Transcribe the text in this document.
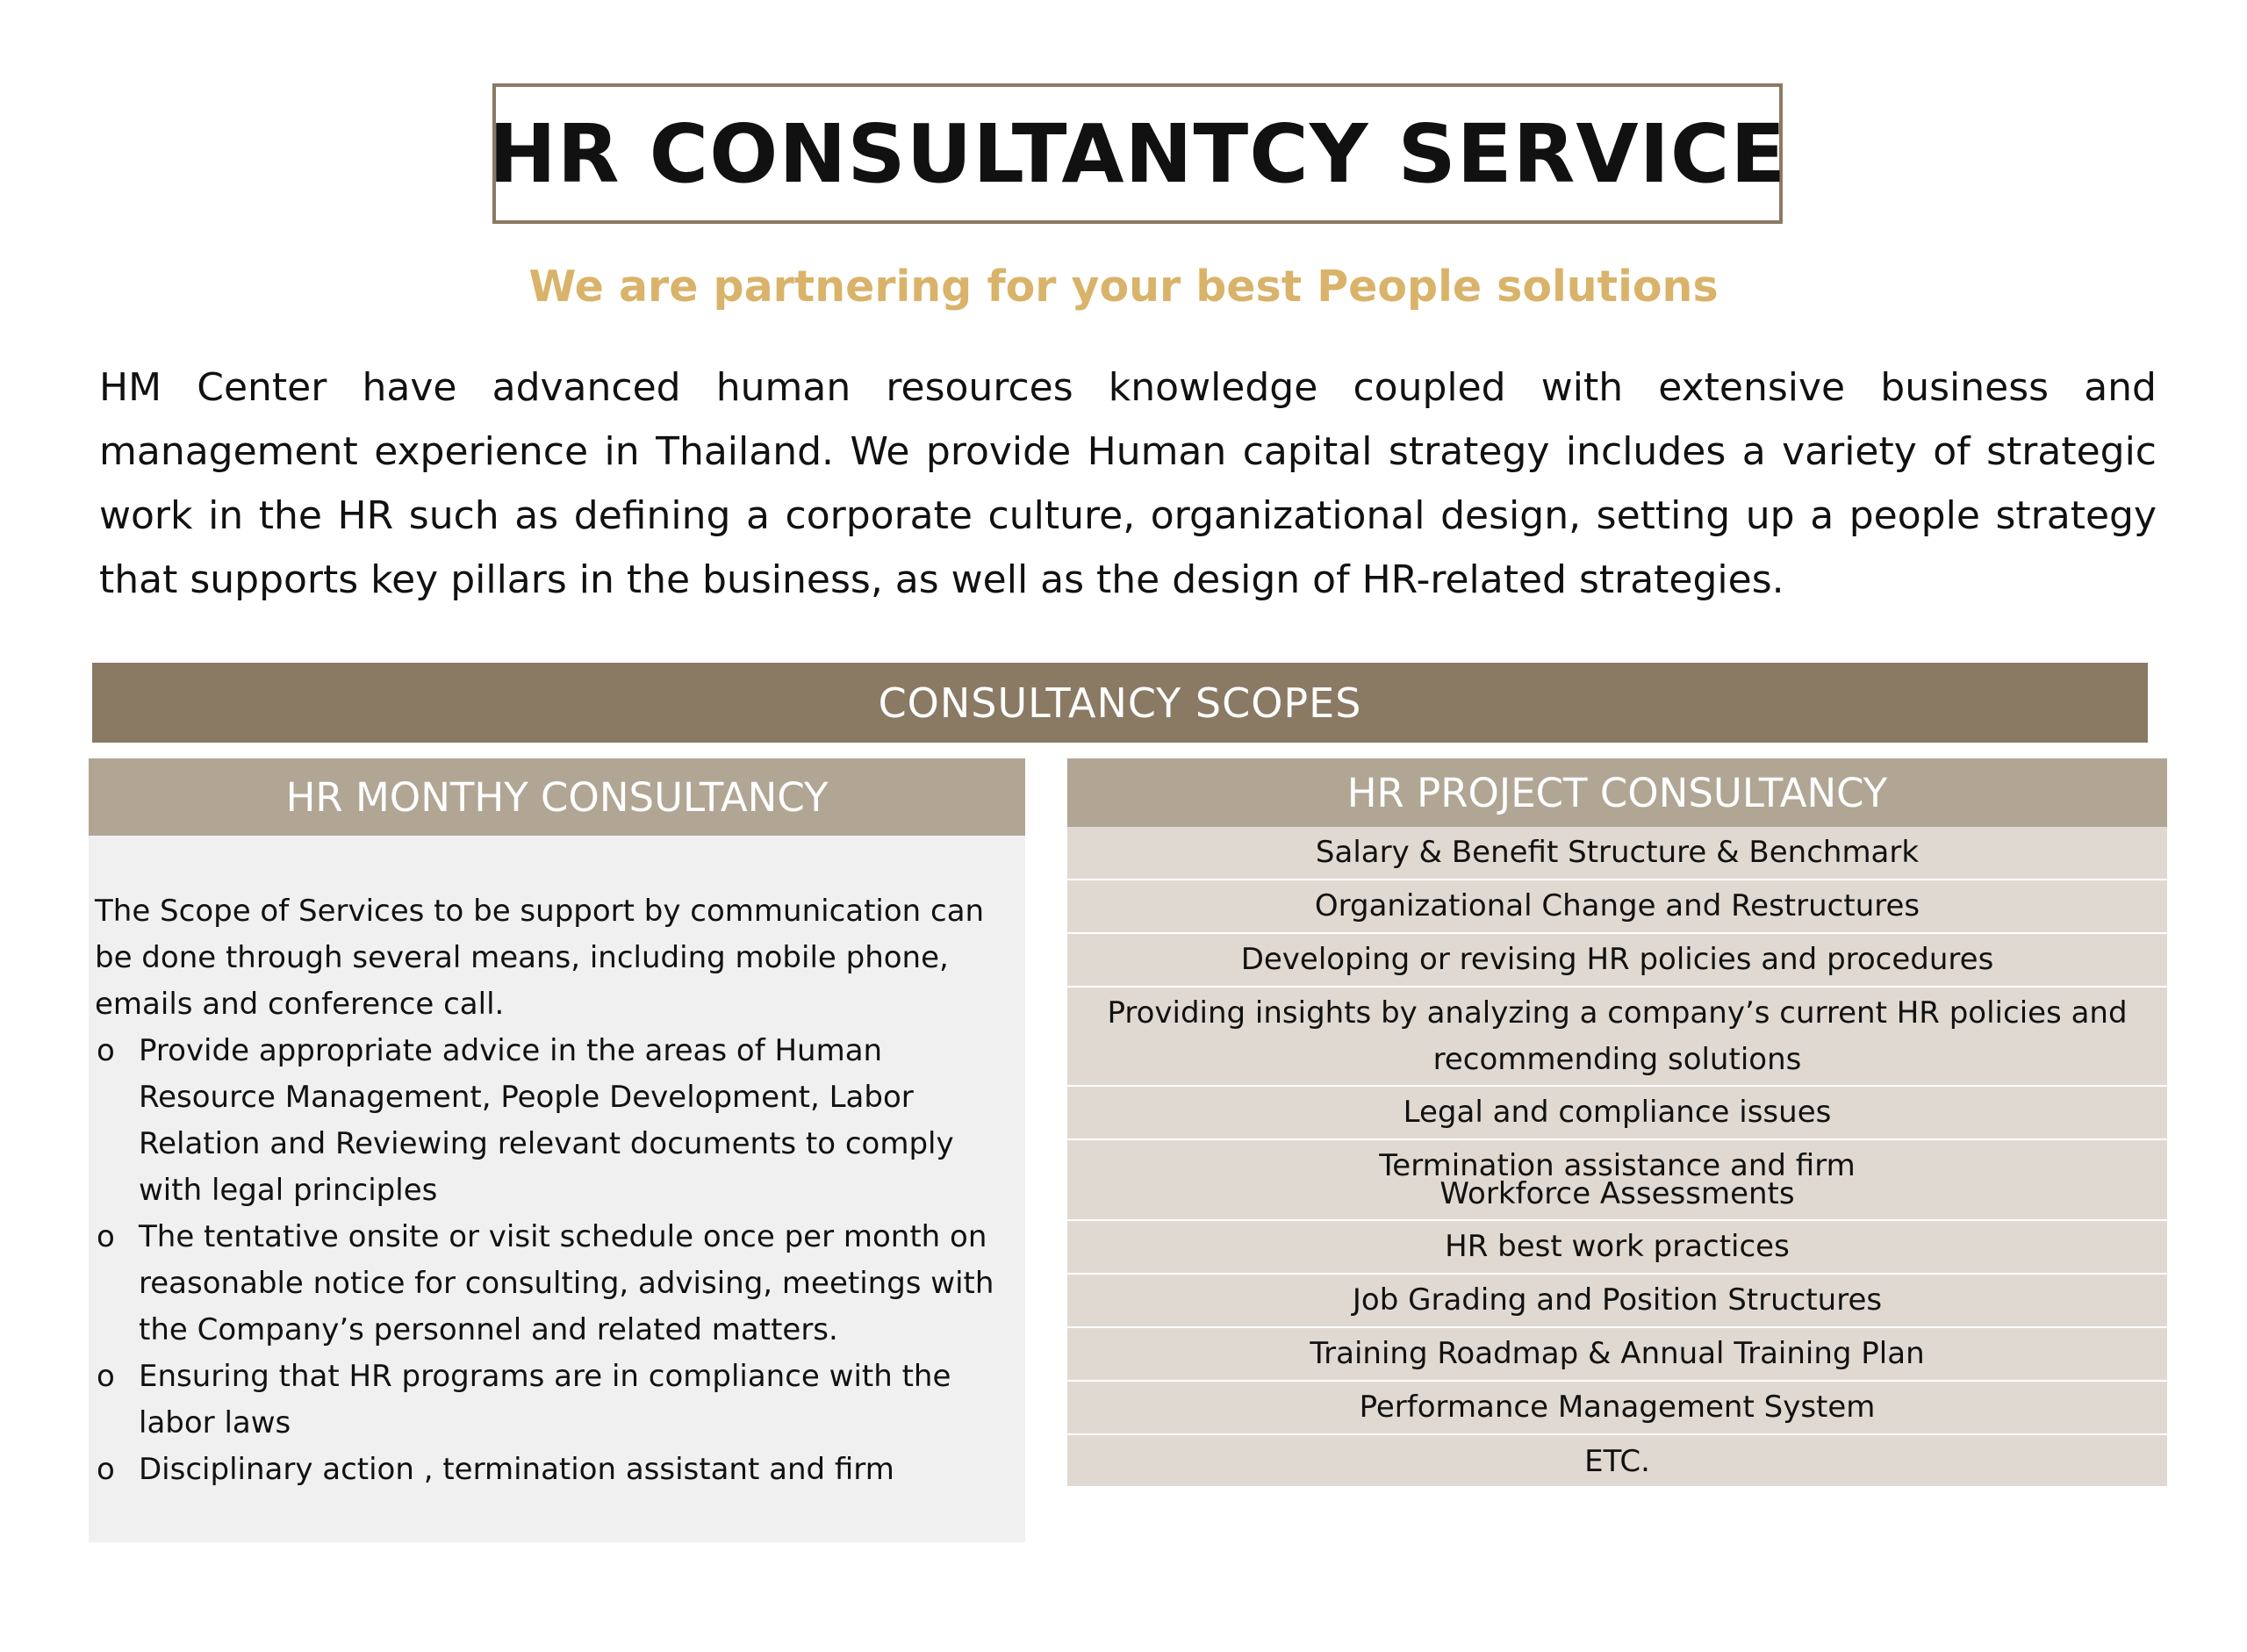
HR CONSULTANTCY SERVICE
We are partnering for your best People solutions

HM Center have advanced human resources knowledge coupled with extensive business and management experience in Thailand. We provide Human capital strategy includes a variety of strategic work in the HR such as defining a corporate culture, organizational design, setting up a people strategy that supports key pillars in the business, as well as the design of HR-related strategies.

CONSULTANCY SCOPES
HR MONTHY CONSULTANCY

The Scope of Services to be support by communication can be done through several means, including mobile phone, emails and conference call.

o Provide appropriate advice in the areas of Human Resource Management, People Development, Labor Relation and Reviewing relevant documents to comply with legal principles
o The tentative onsite or visit schedule once per month on reasonable notice for consulting, advising, meetings with the Company’s personnel and related matters.
o Ensuring that HR programs are in compliance with the labor laws
o Disciplinary action , termination assistant and firm
HR PROJECT CONSULTANCY
Salary & Benefit Structure & Benchmark
Organizational Change and Restructures
Developing or revising HR policies and procedures
Providing insights by analyzing a company’s current HR policies and recommending solutions
Legal and compliance issues
Termination assistance and firm
Workforce Assessments
HR best work practices
Job Grading and Position Structures
Training Roadmap & Annual Training Plan
Performance Management System
ETC.
